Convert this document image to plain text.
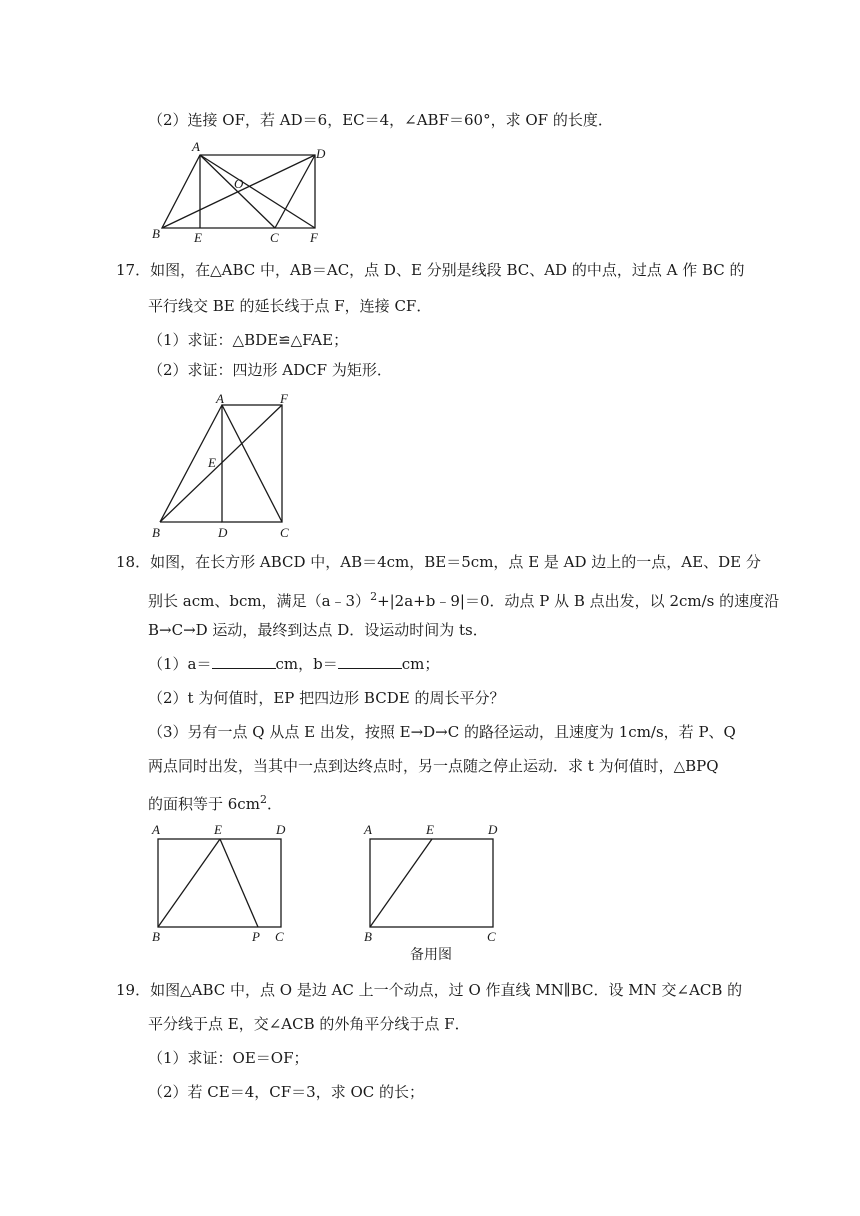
（2）连接 OF，若 AD＝6，EC＝4，∠ABF＝60°，求 OF 的长度．
A	D
O
B	E	C F
17．如图，在△ABC 中，AB＝AC，点 D、E 分别是线段 BC、AD 的中点，过点 A 作 BC 的
平行线交 BE 的延长线于点 F，连接 CF．
（1）求证：△BDE≌△FAE；
（2）求证：四边形 ADCF 为矩形．
A	F
E
B	D	C
18．如图，在长方形 ABCD 中，AB＝4cm，BE＝5cm，点 E 是 AD 边上的一点，AE、DE 分
别长 acm、bcm，满足（a﹣3）$^2$+|2a+b﹣9|＝0．动点 P 从 B 点出发，以 2cm/s 的速度沿
B→C→D 运动，最终到达点 D．设运动时间为 ts．
（1）a＝	cm，b＝	cm；
（2）t 为何值时，EP 把四边形 BCDE 的周长平分？
（3）另有一点 Q 从点 E 出发，按照 E→D→C 的路径运动，且速度为 1cm/s，若 P、Q
两点同时出发，当其中一点到达终点时，另一点随之停止运动．求 t 为何值时，△BPQ
的面积等于 $6cm^2$．
A	E	D
B	P C
A	E	D
B	C
备用图
19．如图△ABC 中，点 O 是边 AC 上一个动点，过 O 作直线 MN∥BC．设 MN 交∠ACB 的
平分线于点 E，交∠ACB 的外角平分线于点 F．
（1）求证：OE＝OF；
（2）若 CE＝4，CF＝3，求 OC 的长；
